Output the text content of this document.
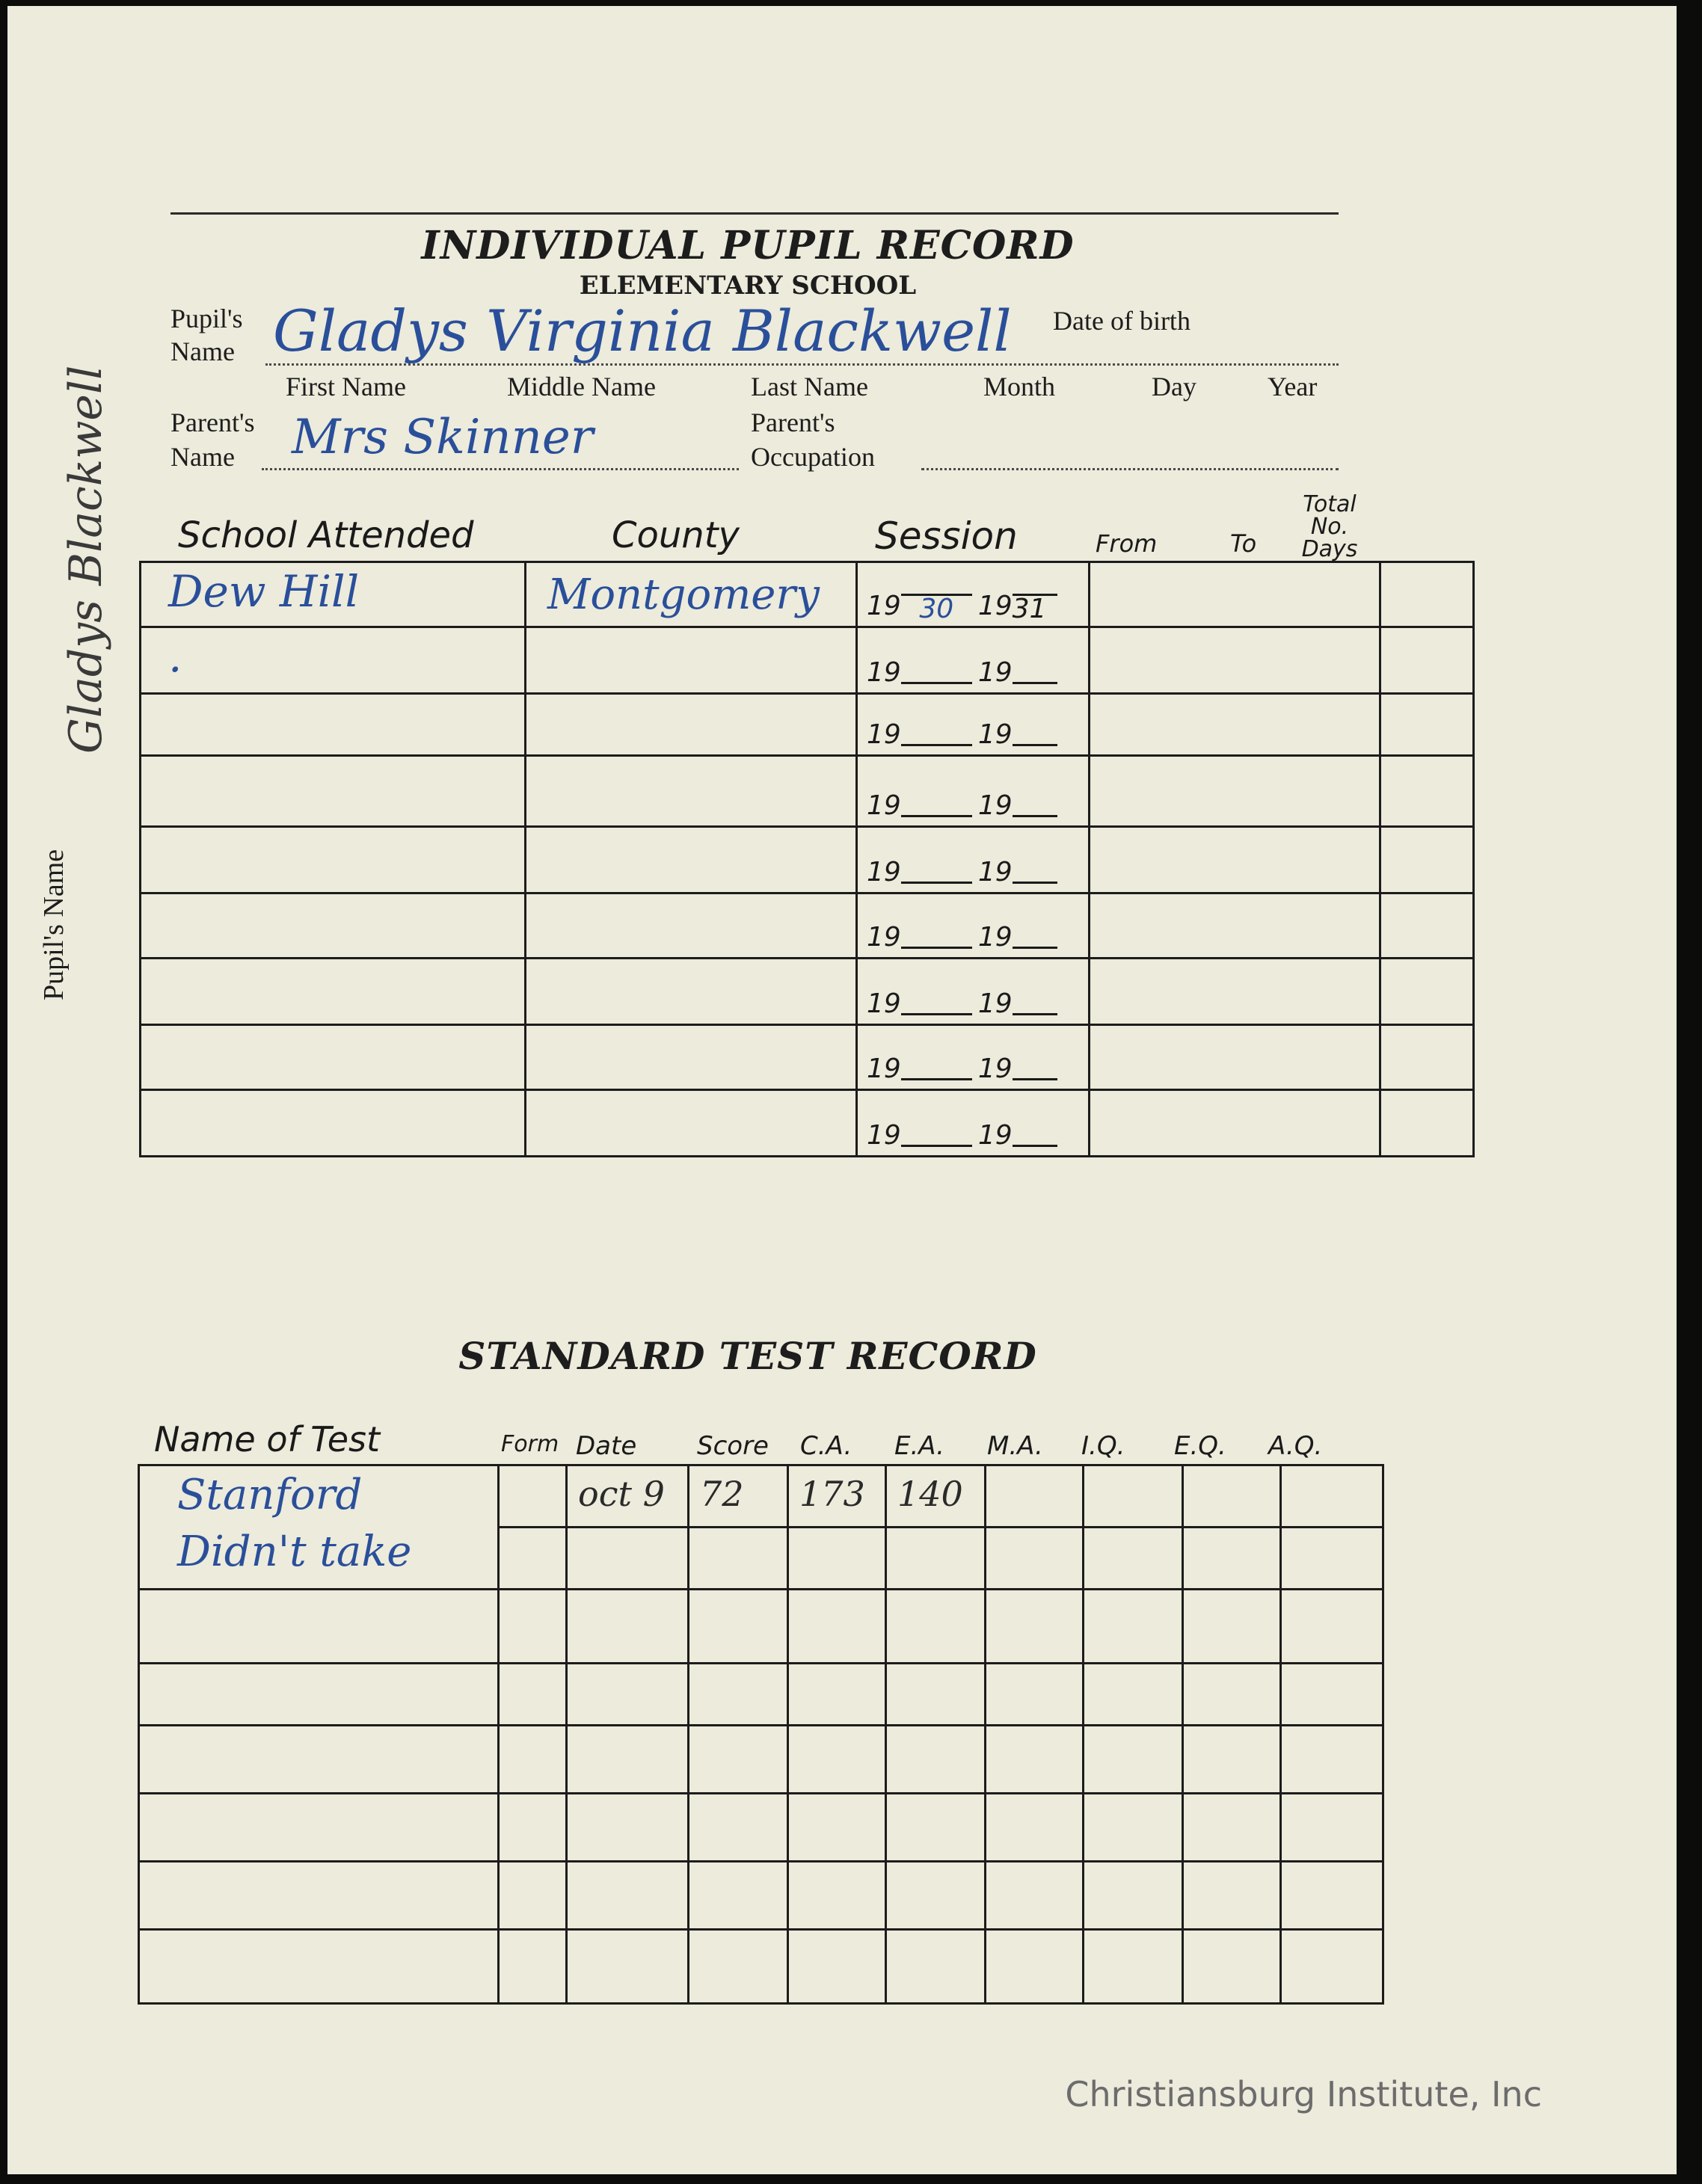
Pupil's Name
Gladys Blackwell
INDIVIDUAL PUPIL RECORD
ELEMENTARY SCHOOL
Pupil's
Name Gladys Virginia Blackwell Date of birth
First Name	Middle Name	Last Name	Month	Day	Year
Parent's
Name	Mrs Skinner	Parent's
Occupation
School Attended	County	Session	From	To
Total
No.
Days
Dew Hill	Montgomery	19 30 1931			

.		19 19			

		19 19			

		19 19			

		19 19			

		19 19			

		19 19			

		19 19			

		19 19			

STANDARD TEST RECORD
Name of Test	Form Date Score C.A. E.A. M.A. I.Q. E.Q. A.Q.
Stanford		oct 9	72	173	140				

Didn't take									

Christiansburg Institute, Inc
